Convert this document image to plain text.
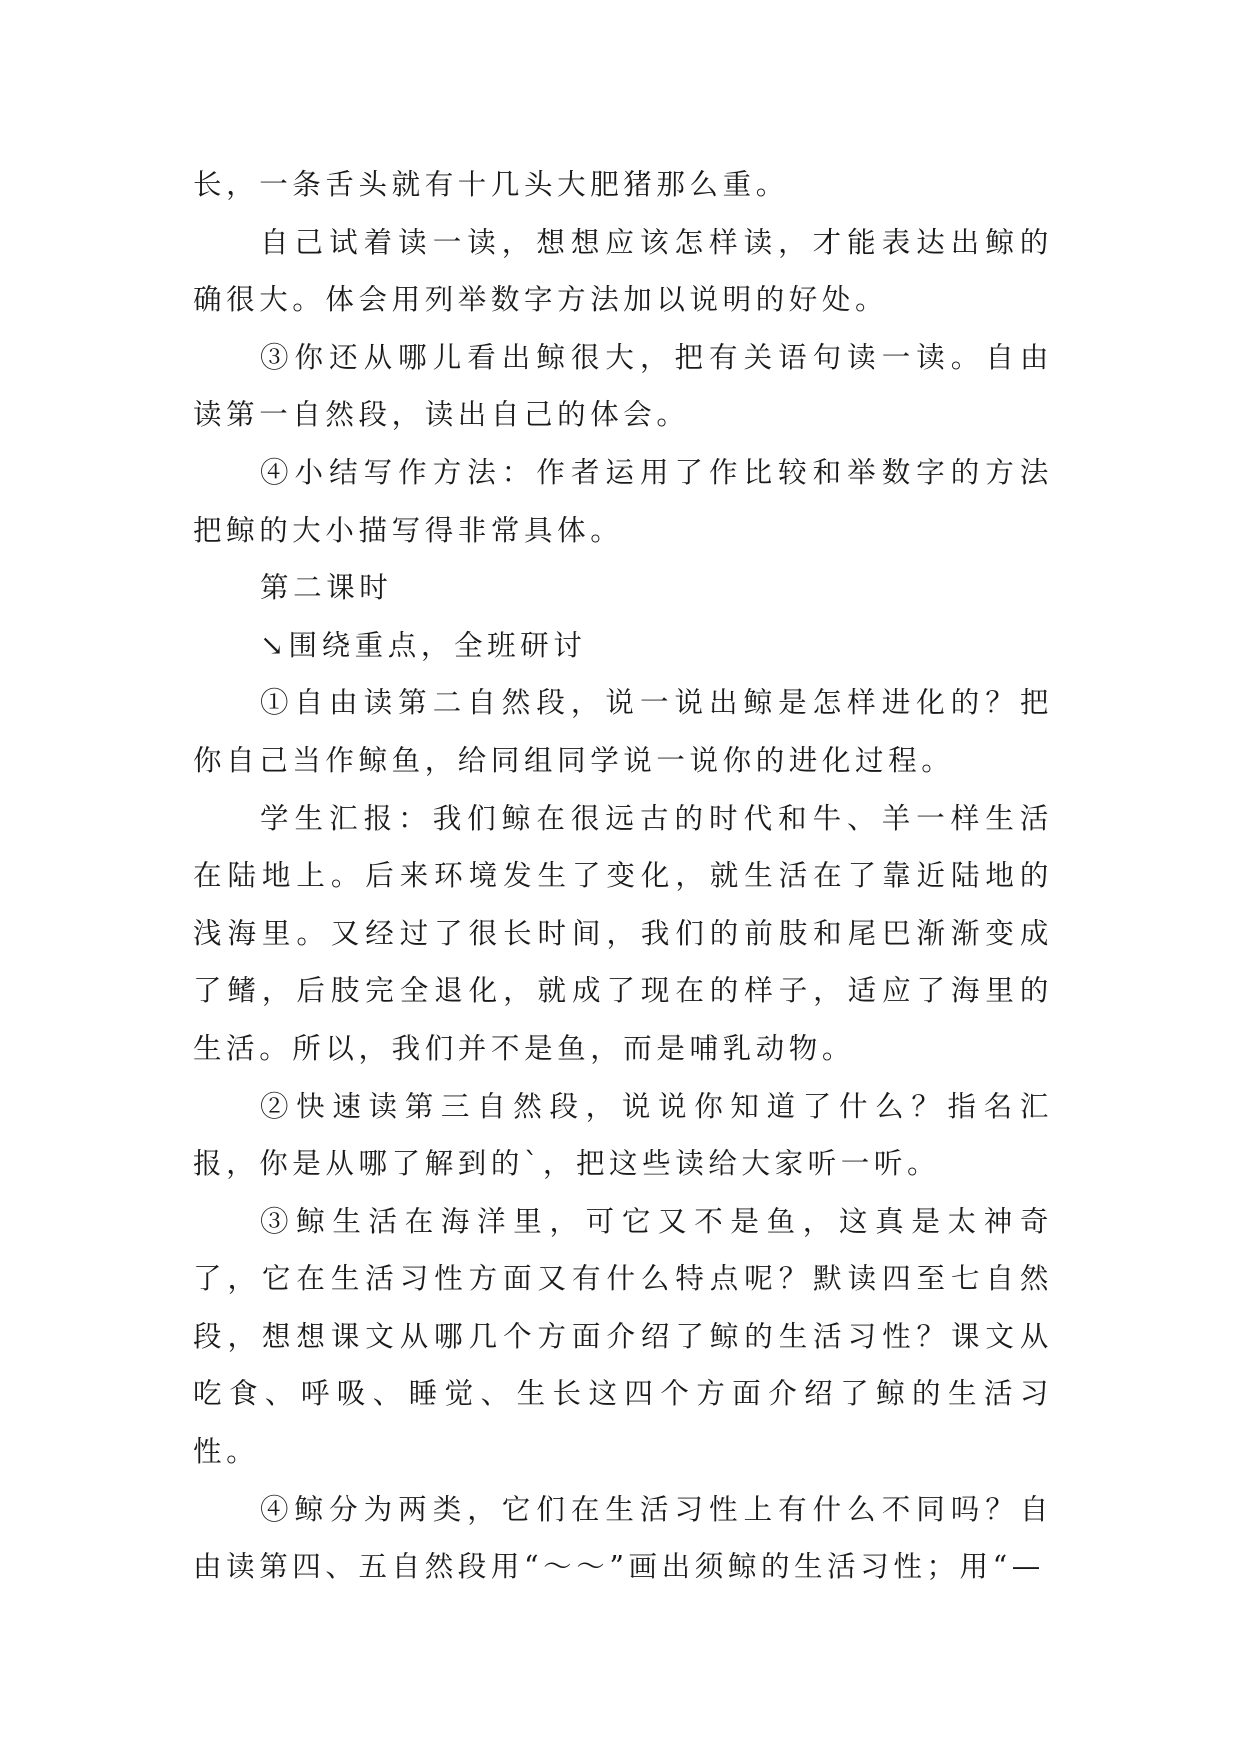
长，一条舌头就有十几头大肥猪那么重。

自己试着读一读，想想应该怎样读，才能表达出鲸的确很大。体会用列举数字方法加以说明的好处。

③你还从哪儿看出鲸很大，把有关语句读一读。自由读第一自然段，读出自己的体会。

④小结写作方法：作者运用了作比较和举数字的方法把鲸的大小描写得非常具体。

第二课时

↘围绕重点，全班研讨

①自由读第二自然段，说一说出鲸是怎样进化的？把你自己当作鲸鱼，给同组同学说一说你的进化过程。

学生汇报：我们鲸在很远古的时代和牛、羊一样生活在陆地上。后来环境发生了变化，就生活在了靠近陆地的浅海里。又经过了很长时间，我们的前肢和尾巴渐渐变成了鳍，后肢完全退化，就成了现在的样子，适应了海里的生活。所以，我们并不是鱼，而是哺乳动物。

②快速读第三自然段，说说你知道了什么？指名汇报，你是从哪了解到的`，把这些读给大家听一听。

③鲸生活在海洋里，可它又不是鱼，这真是太神奇了，它在生活习性方面又有什么特点呢？默读四至七自然段，想想课文从哪几个方面介绍了鲸的生活习性？课文从吃食、呼吸、睡觉、生长这四个方面介绍了鲸的生活习性。

④鲸分为两类，它们在生活习性上有什么不同吗？自由读第四、五自然段用“～～”画出须鲸的生活习性；用“—
